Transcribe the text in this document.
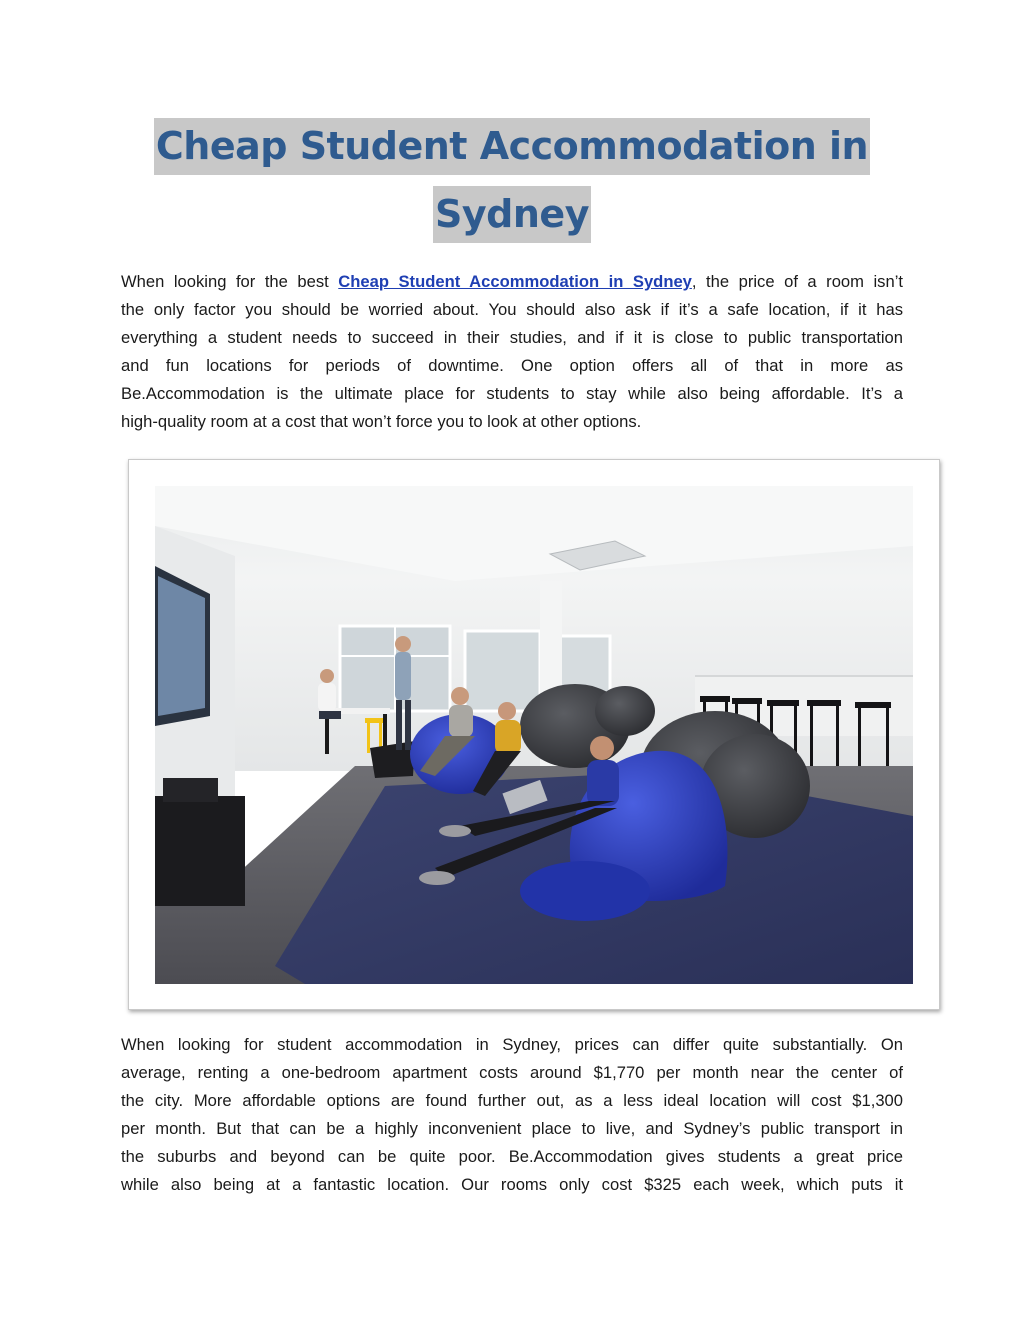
Cheap Student Accommodation in
Sydney

When looking for the best Cheap Student Accommodation in Sydney, the price of a room isn’t
the only factor you should be worried about. You should also ask if it’s a safe location, if it has
everything a student needs to succeed in their studies, and if it is close to public transportation
and fun locations for periods of downtime. One option offers all of that in more as
Be.Accommodation is the ultimate place for students to stay while also being affordable. It’s a
high-quality room at a cost that won’t force you to look at other options.

When looking for student accommodation in Sydney, prices can differ quite substantially. On
average, renting a one-bedroom apartment costs around $1,770 per month near the center of
the city. More affordable options are found further out, as a less ideal location will cost $1,300
per month. But that can be a highly inconvenient place to live, and Sydney’s public transport in
the suburbs and beyond can be quite poor. Be.Accommodation gives students a great price
while also being at a fantastic location. Our rooms only cost $325 each week, which puts it
